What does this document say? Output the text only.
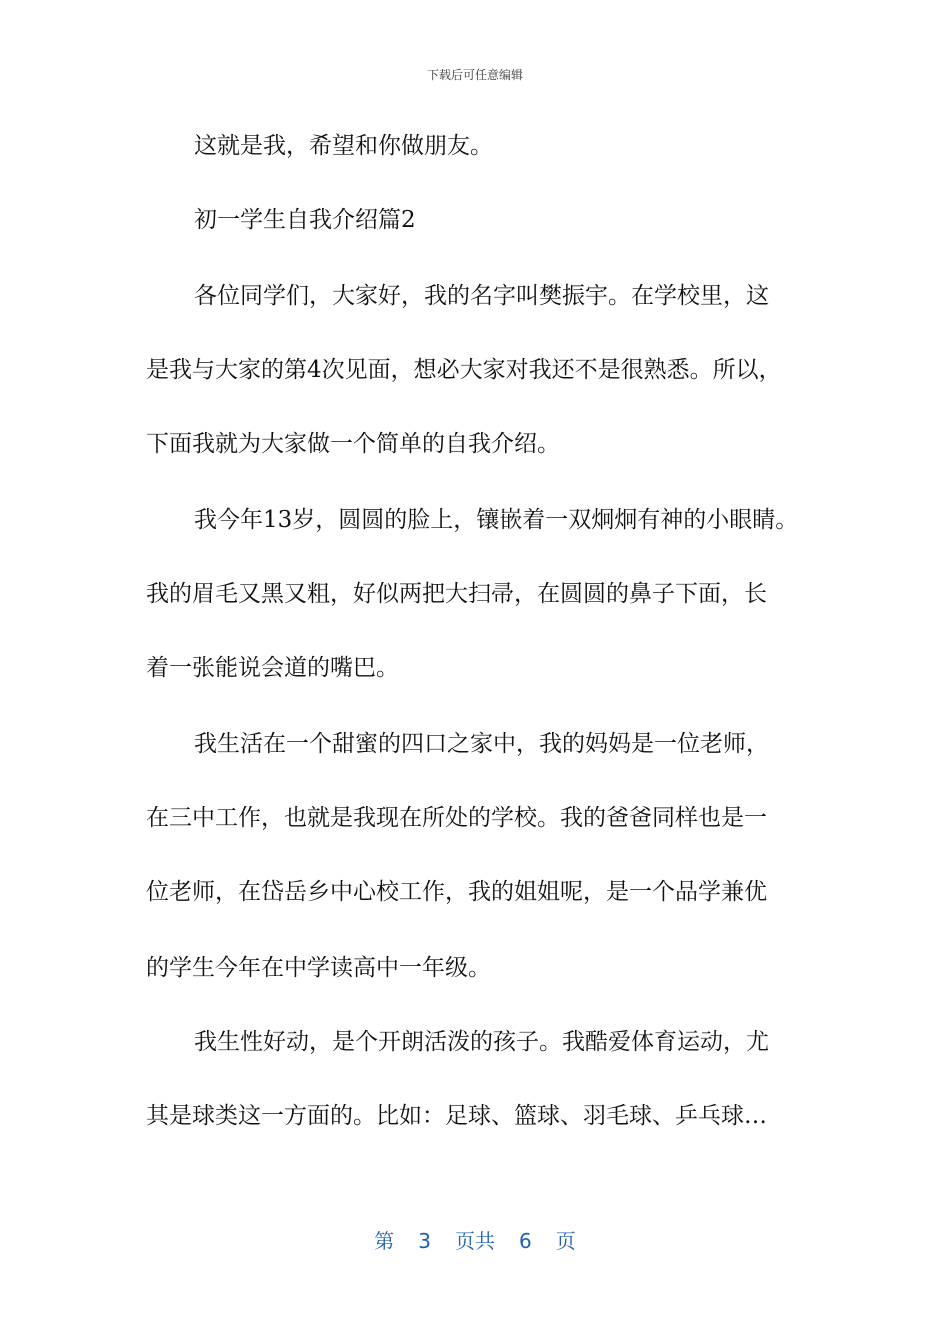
下载后可任意编辑
这就是我，希望和你做朋友。
初一学生自我介绍篇2
各位同学们，大家好，我的名字叫樊振宇。在学校里，这
是我与大家的第4次见面，想必大家对我还不是很熟悉。所以，
下面我就为大家做一个简单的自我介绍。
我今年13岁，圆圆的脸上，镶嵌着一双炯炯有神的小眼睛。
我的眉毛又黑又粗，好似两把大扫帚，在圆圆的鼻子下面，长
着一张能说会道的嘴巴。
我生活在一个甜蜜的四口之家中，我的妈妈是一位老师，
在三中工作，也就是我现在所处的学校。我的爸爸同样也是一
位老师，在岱岳乡中心校工作，我的姐姐呢，是一个品学兼优
的学生今年在中学读高中一年级。
我生性好动，是个开朗活泼的孩子。我酷爱体育运动，尤
其是球类这一方面的。比如：足球、篮球、羽毛球、乒乓球…
第 3 页共 6 页
